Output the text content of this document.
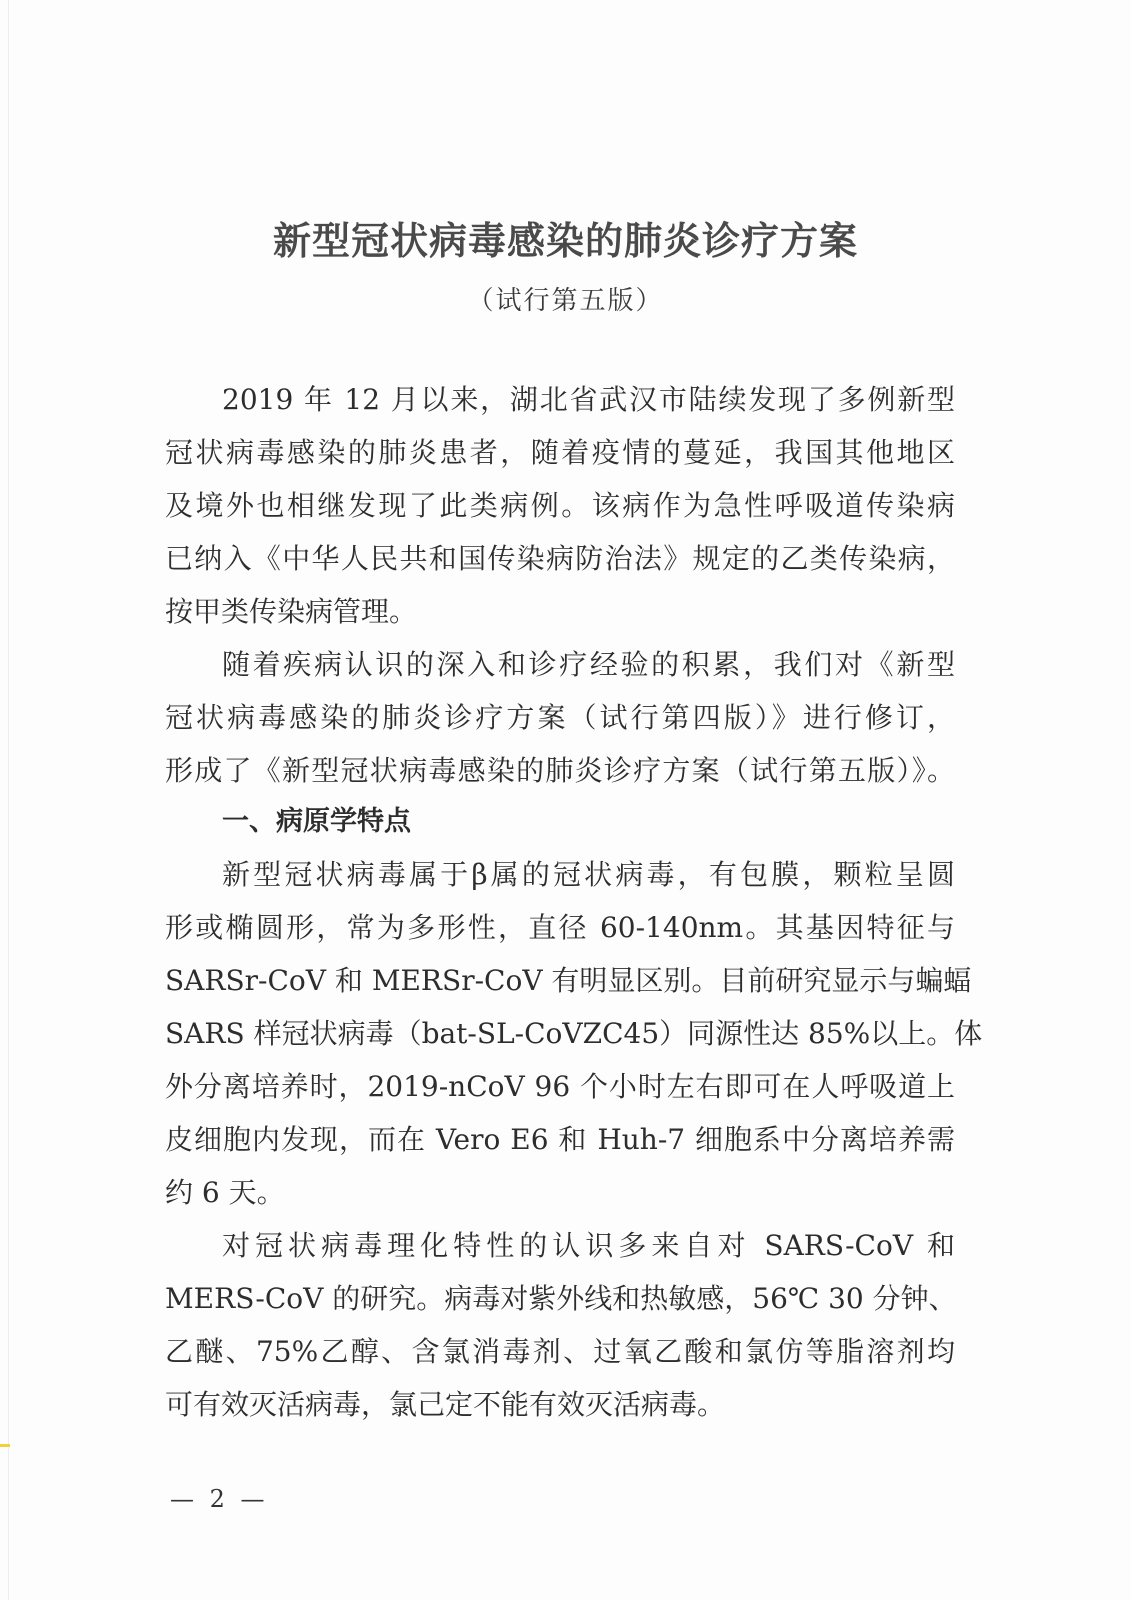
新型冠状病毒感染的肺炎诊疗方案
（试行第五版）
2019 年 12 月以来，湖北省武汉市陆续发现了多例新型
冠状病毒感染的肺炎患者，随着疫情的蔓延，我国其他地区
及境外也相继发现了此类病例。该病作为急性呼吸道传染病
已纳入《中华人民共和国传染病防治法》规定的乙类传染病，
按甲类传染病管理。
随着疾病认识的深入和诊疗经验的积累，我们对《新型
冠状病毒感染的肺炎诊疗方案（试行第四版）》进行修订，
形成了《新型冠状病毒感染的肺炎诊疗方案（试行第五版）》。
一、病原学特点
新型冠状病毒属于β属的冠状病毒，有包膜，颗粒呈圆
形或椭圆形，常为多形性，直径 60-140nm。其基因特征与
SARSr-CoV 和 MERSr-CoV 有明显区别。目前研究显示与蝙蝠
SARS 样冠状病毒（bat-SL-CoVZC45）同源性达 85%以上。体
外分离培养时，2019-nCoV 96 个小时左右即可在人呼吸道上
皮细胞内发现，而在 Vero E6 和 Huh-7 细胞系中分离培养需
约 6 天。
对冠状病毒理化特性的认识多来自对 SARS-CoV 和
MERS-CoV 的研究。病毒对紫外线和热敏感，56℃ 30 分钟、
乙醚、75%乙醇、含氯消毒剂、过氧乙酸和氯仿等脂溶剂均
可有效灭活病毒，氯己定不能有效灭活病毒。
— 2 —
